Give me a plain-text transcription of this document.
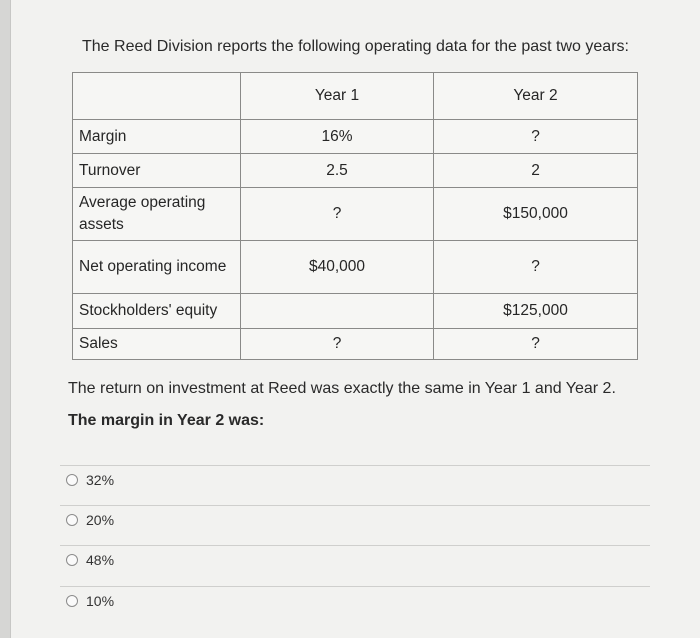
The Reed Division reports the following operating data for the past two years:

	Year 1	Year 2
Margin	16%	?
Turnover	2.5	2
Average operating assets	?	$150,000
Net operating income	$40,000	?
Stockholders' equity		$125,000
Sales	?	?

The return on investment at Reed was exactly the same in Year 1 and Year 2.

The margin in Year 2 was:

32%
20%
48%
10%
